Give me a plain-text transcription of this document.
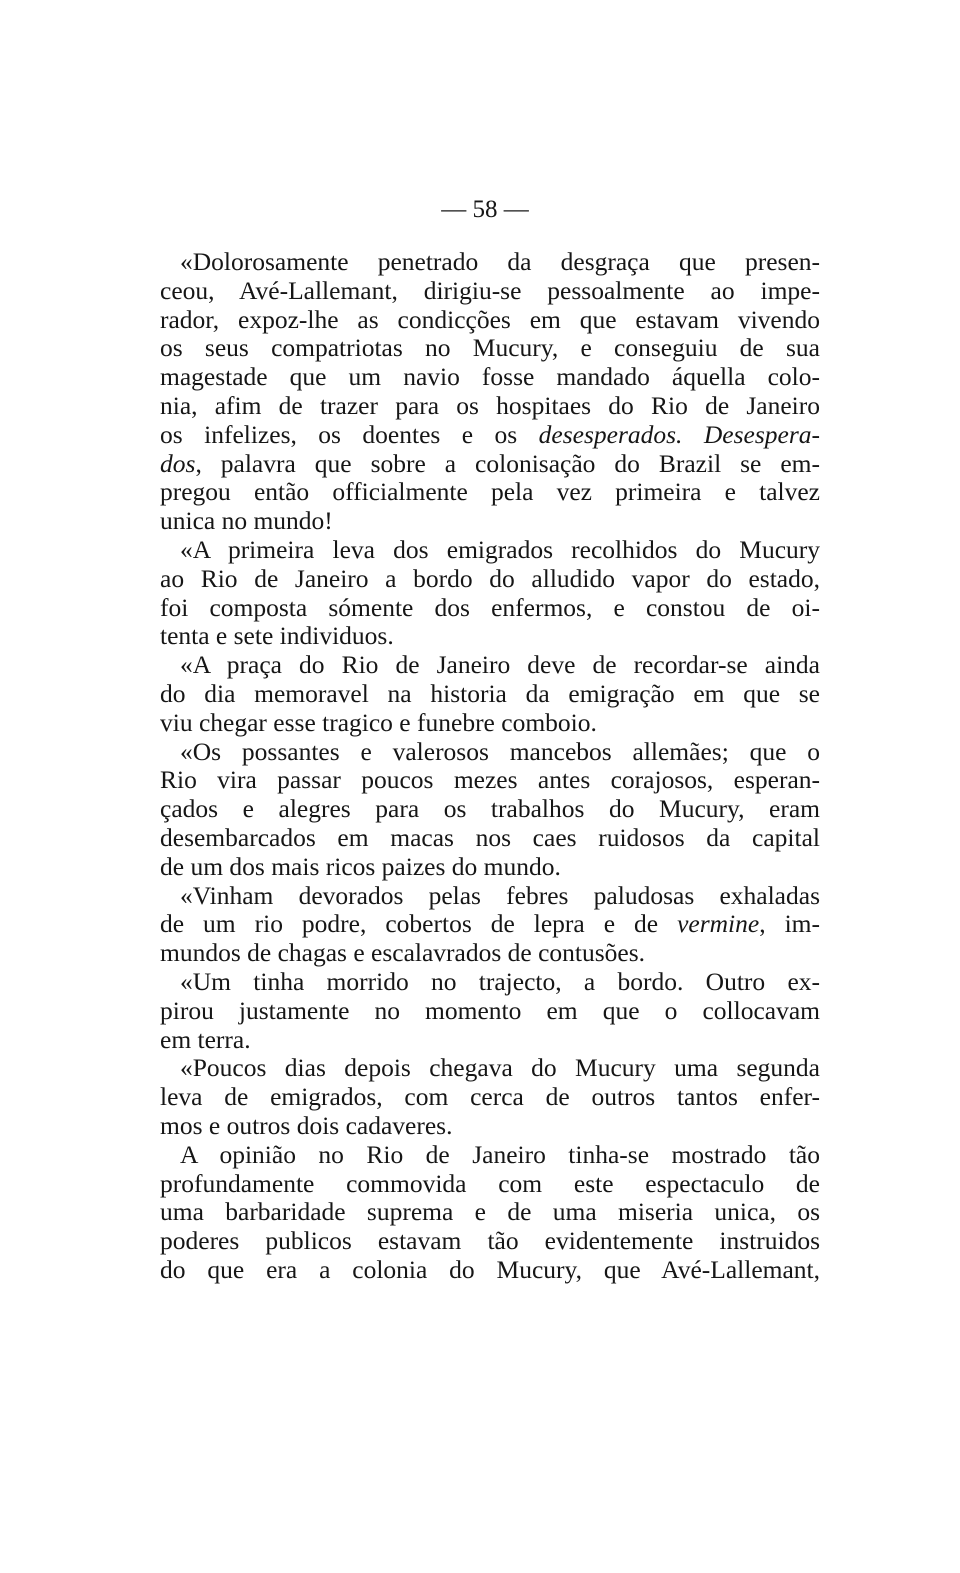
— 58 —
«Dolorosamente penetrado da desgraça que presen-
ceou, Avé-Lallemant, dirigiu-se pessoalmente ao impe-
rador, expoz-lhe as condicções em que estavam vivendo
os seus compatriotas no Mucury, e conseguiu de sua
magestade que um navio fosse mandado áquella colo-
nia, afim de trazer para os hospitaes do Rio de Janeiro
os infelizes, os doentes e os desesperados. Desespera-
dos, palavra que sobre a colonisação do Brazil se em-
pregou então officialmente pela vez primeira e talvez
unica no mundo!
«A primeira leva dos emigrados recolhidos do Mucury
ao Rio de Janeiro a bordo do alludido vapor do estado,
foi composta sómente dos enfermos, e constou de oi-
tenta e sete individuos.
«A praça do Rio de Janeiro deve de recordar-se ainda
do dia memoravel na historia da emigração em que se
viu chegar esse tragico e funebre comboio.
«Os possantes e valerosos mancebos allemães; que o
Rio vira passar poucos mezes antes corajosos, esperan-
çados e alegres para os trabalhos do Mucury, eram
desembarcados em macas nos caes ruidosos da capital
de um dos mais ricos paizes do mundo.
«Vinham devorados pelas febres paludosas exhaladas
de um rio podre, cobertos de lepra e de vermine, im-
mundos de chagas e escalavrados de contusões.
«Um tinha morrido no trajecto, a bordo. Outro ex-
pirou justamente no momento em que o collocavam
em terra.
«Poucos dias depois chegava do Mucury uma segunda
leva de emigrados, com cerca de outros tantos enfer-
mos e outros dois cadaveres.
A opinião no Rio de Janeiro tinha-se mostrado tão
profundamente commovida com este espectaculo de
uma barbaridade suprema e de uma miseria unica, os
poderes publicos estavam tão evidentemente instruidos
do que era a colonia do Mucury, que Avé-Lallemant,
